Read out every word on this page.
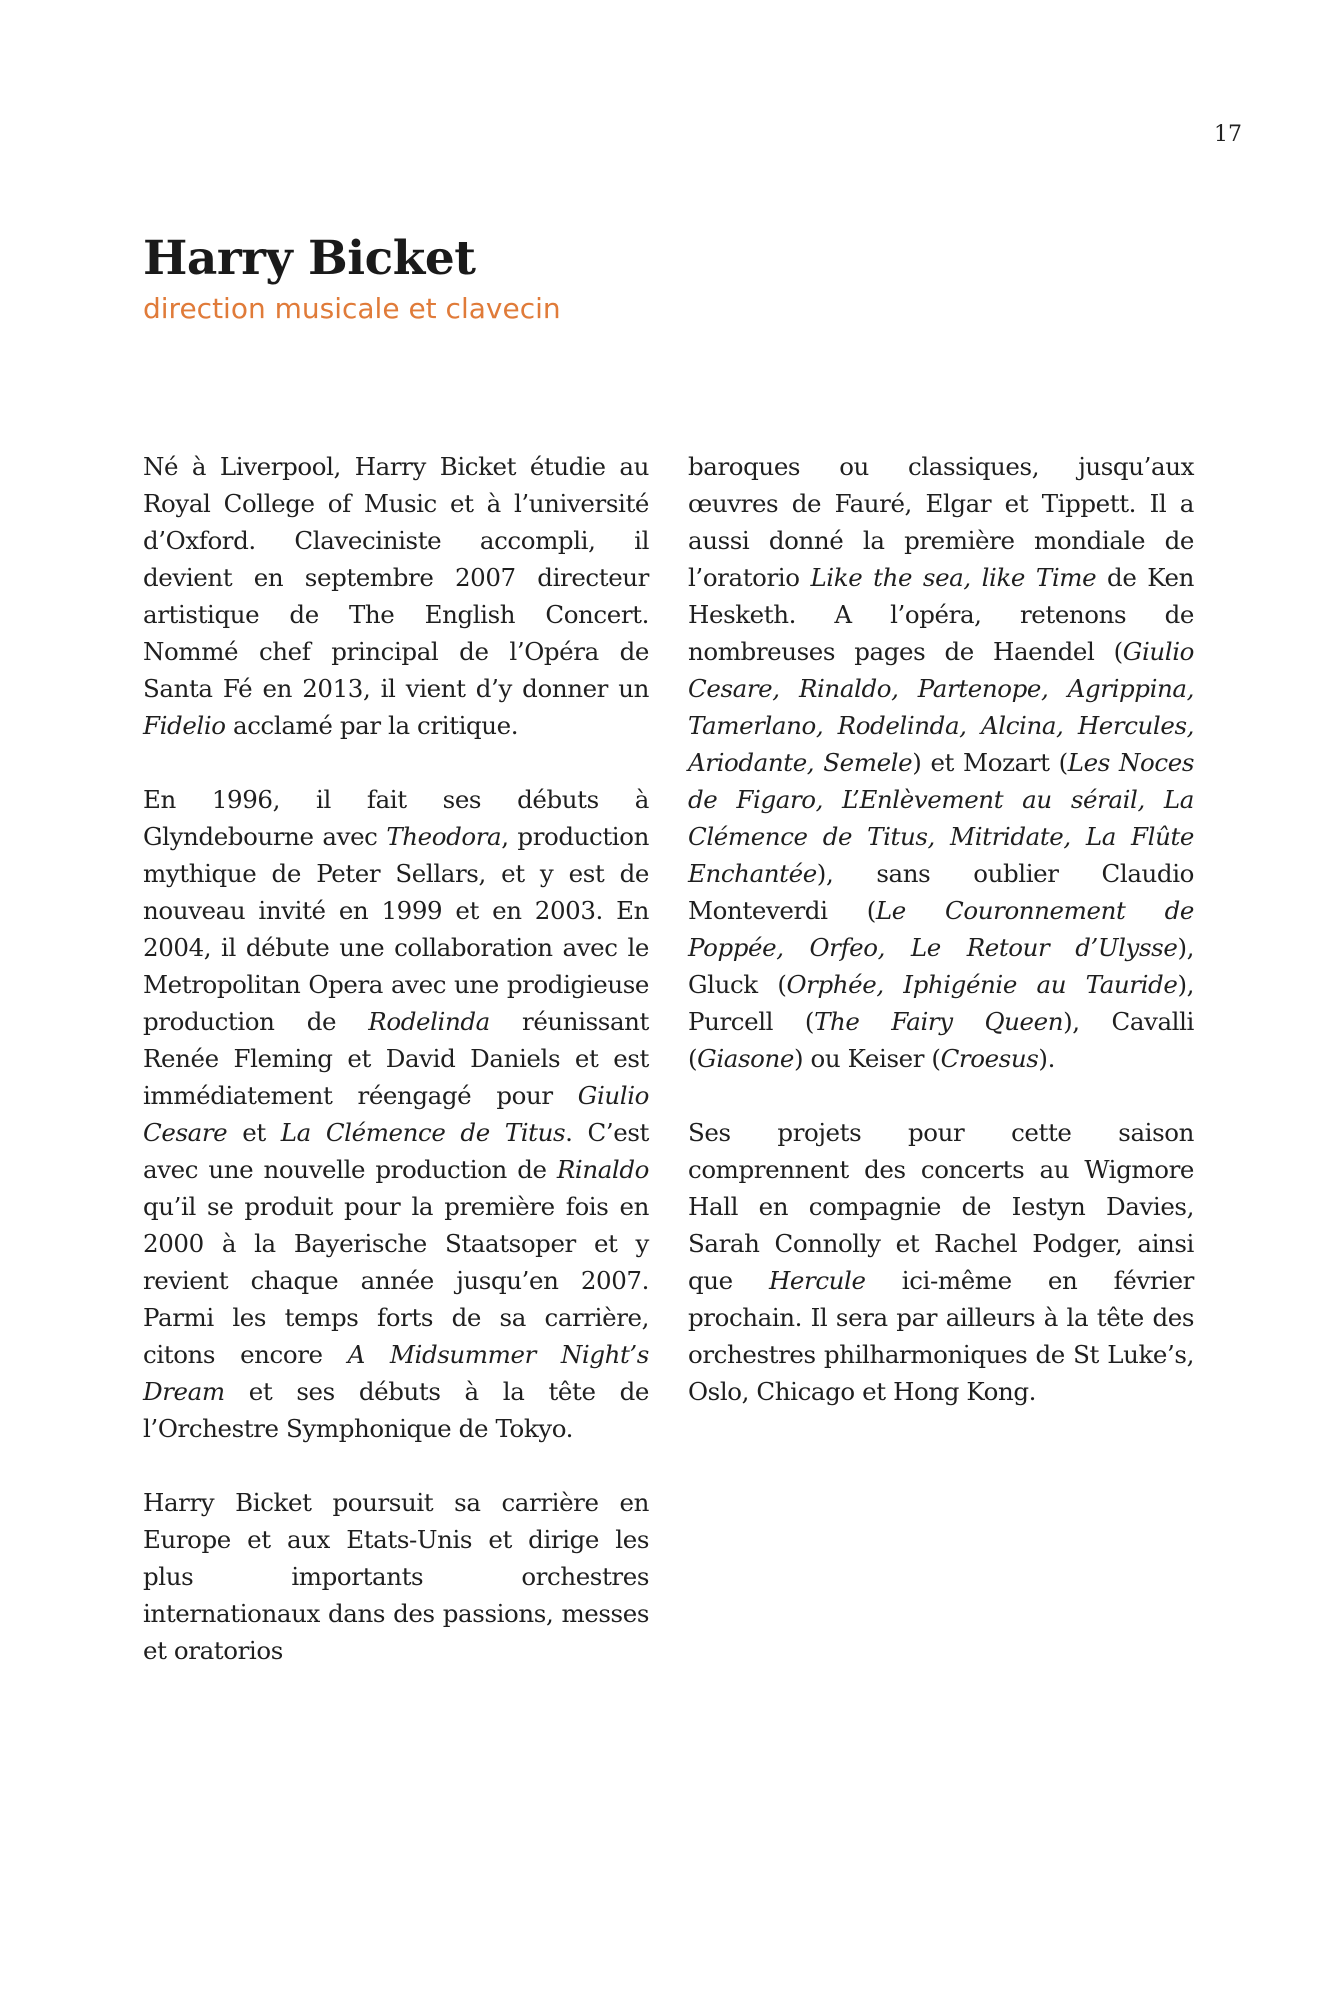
17
Harry Bicket
direction musicale et clavecin

Né à Liverpool, Harry Bicket étudie au Royal College of Music et à l’université d’Oxford. Claveciniste accompli, il devient en septembre 2007 directeur artistique de The English Concert. Nommé chef principal de l’Opéra de Santa Fé en 2013, il vient d’y donner un Fidelio acclamé par la critique.

En 1996, il fait ses débuts à Glyndebourne avec Theodora, production mythique de Peter Sellars, et y est de nouveau invité en 1999 et en 2003. En 2004, il débute une collaboration avec le Metropolitan Opera avec une prodigieuse production de Rodelinda réunissant Renée Fleming et David Daniels et est immédiatement réengagé pour Giulio Cesare et La Clémence de Titus. C’est avec une nouvelle production de Rinaldo qu’il se produit pour la première fois en 2000 à la Bayerische Staatsoper et y revient chaque année jusqu’en 2007. Parmi les temps forts de sa carrière, citons encore A Midsummer Night’s Dream et ses débuts à la tête de l’Orchestre Symphonique de Tokyo.

Harry Bicket poursuit sa carrière en Europe et aux Etats-Unis et dirige les plus importants orchestres internationaux dans des passions, messes et oratorios

baroques ou classiques, jusqu’aux œuvres de Fauré, Elgar et Tippett. Il a aussi donné la première mondiale de l’oratorio Like the sea, like Time de Ken Hesketh. A l’opéra, retenons de nombreuses pages de Haendel (Giulio Cesare, Rinaldo, Partenope, Agrippina, Tamerlano, Rodelinda, Alcina, Hercules, Ariodante, Semele) et Mozart (Les Noces de Figaro, L’Enlèvement au sérail, La Clémence de Titus, Mitridate, La Flûte Enchantée), sans oublier Claudio Monteverdi (Le Couronnement de Poppée, Orfeo, Le Retour d’Ulysse), Gluck (Orphée, Iphigénie au Tauride), Purcell (The Fairy Queen), Cavalli (Giasone) ou Keiser (Croesus).

Ses projets pour cette saison comprennent des concerts au Wigmore Hall en compagnie de Iestyn Davies, Sarah Connolly et Rachel Podger, ainsi que Hercule ici-même en février prochain. Il sera par ailleurs à la tête des orchestres philharmoniques de St Luke’s, Oslo, Chicago et Hong Kong.
